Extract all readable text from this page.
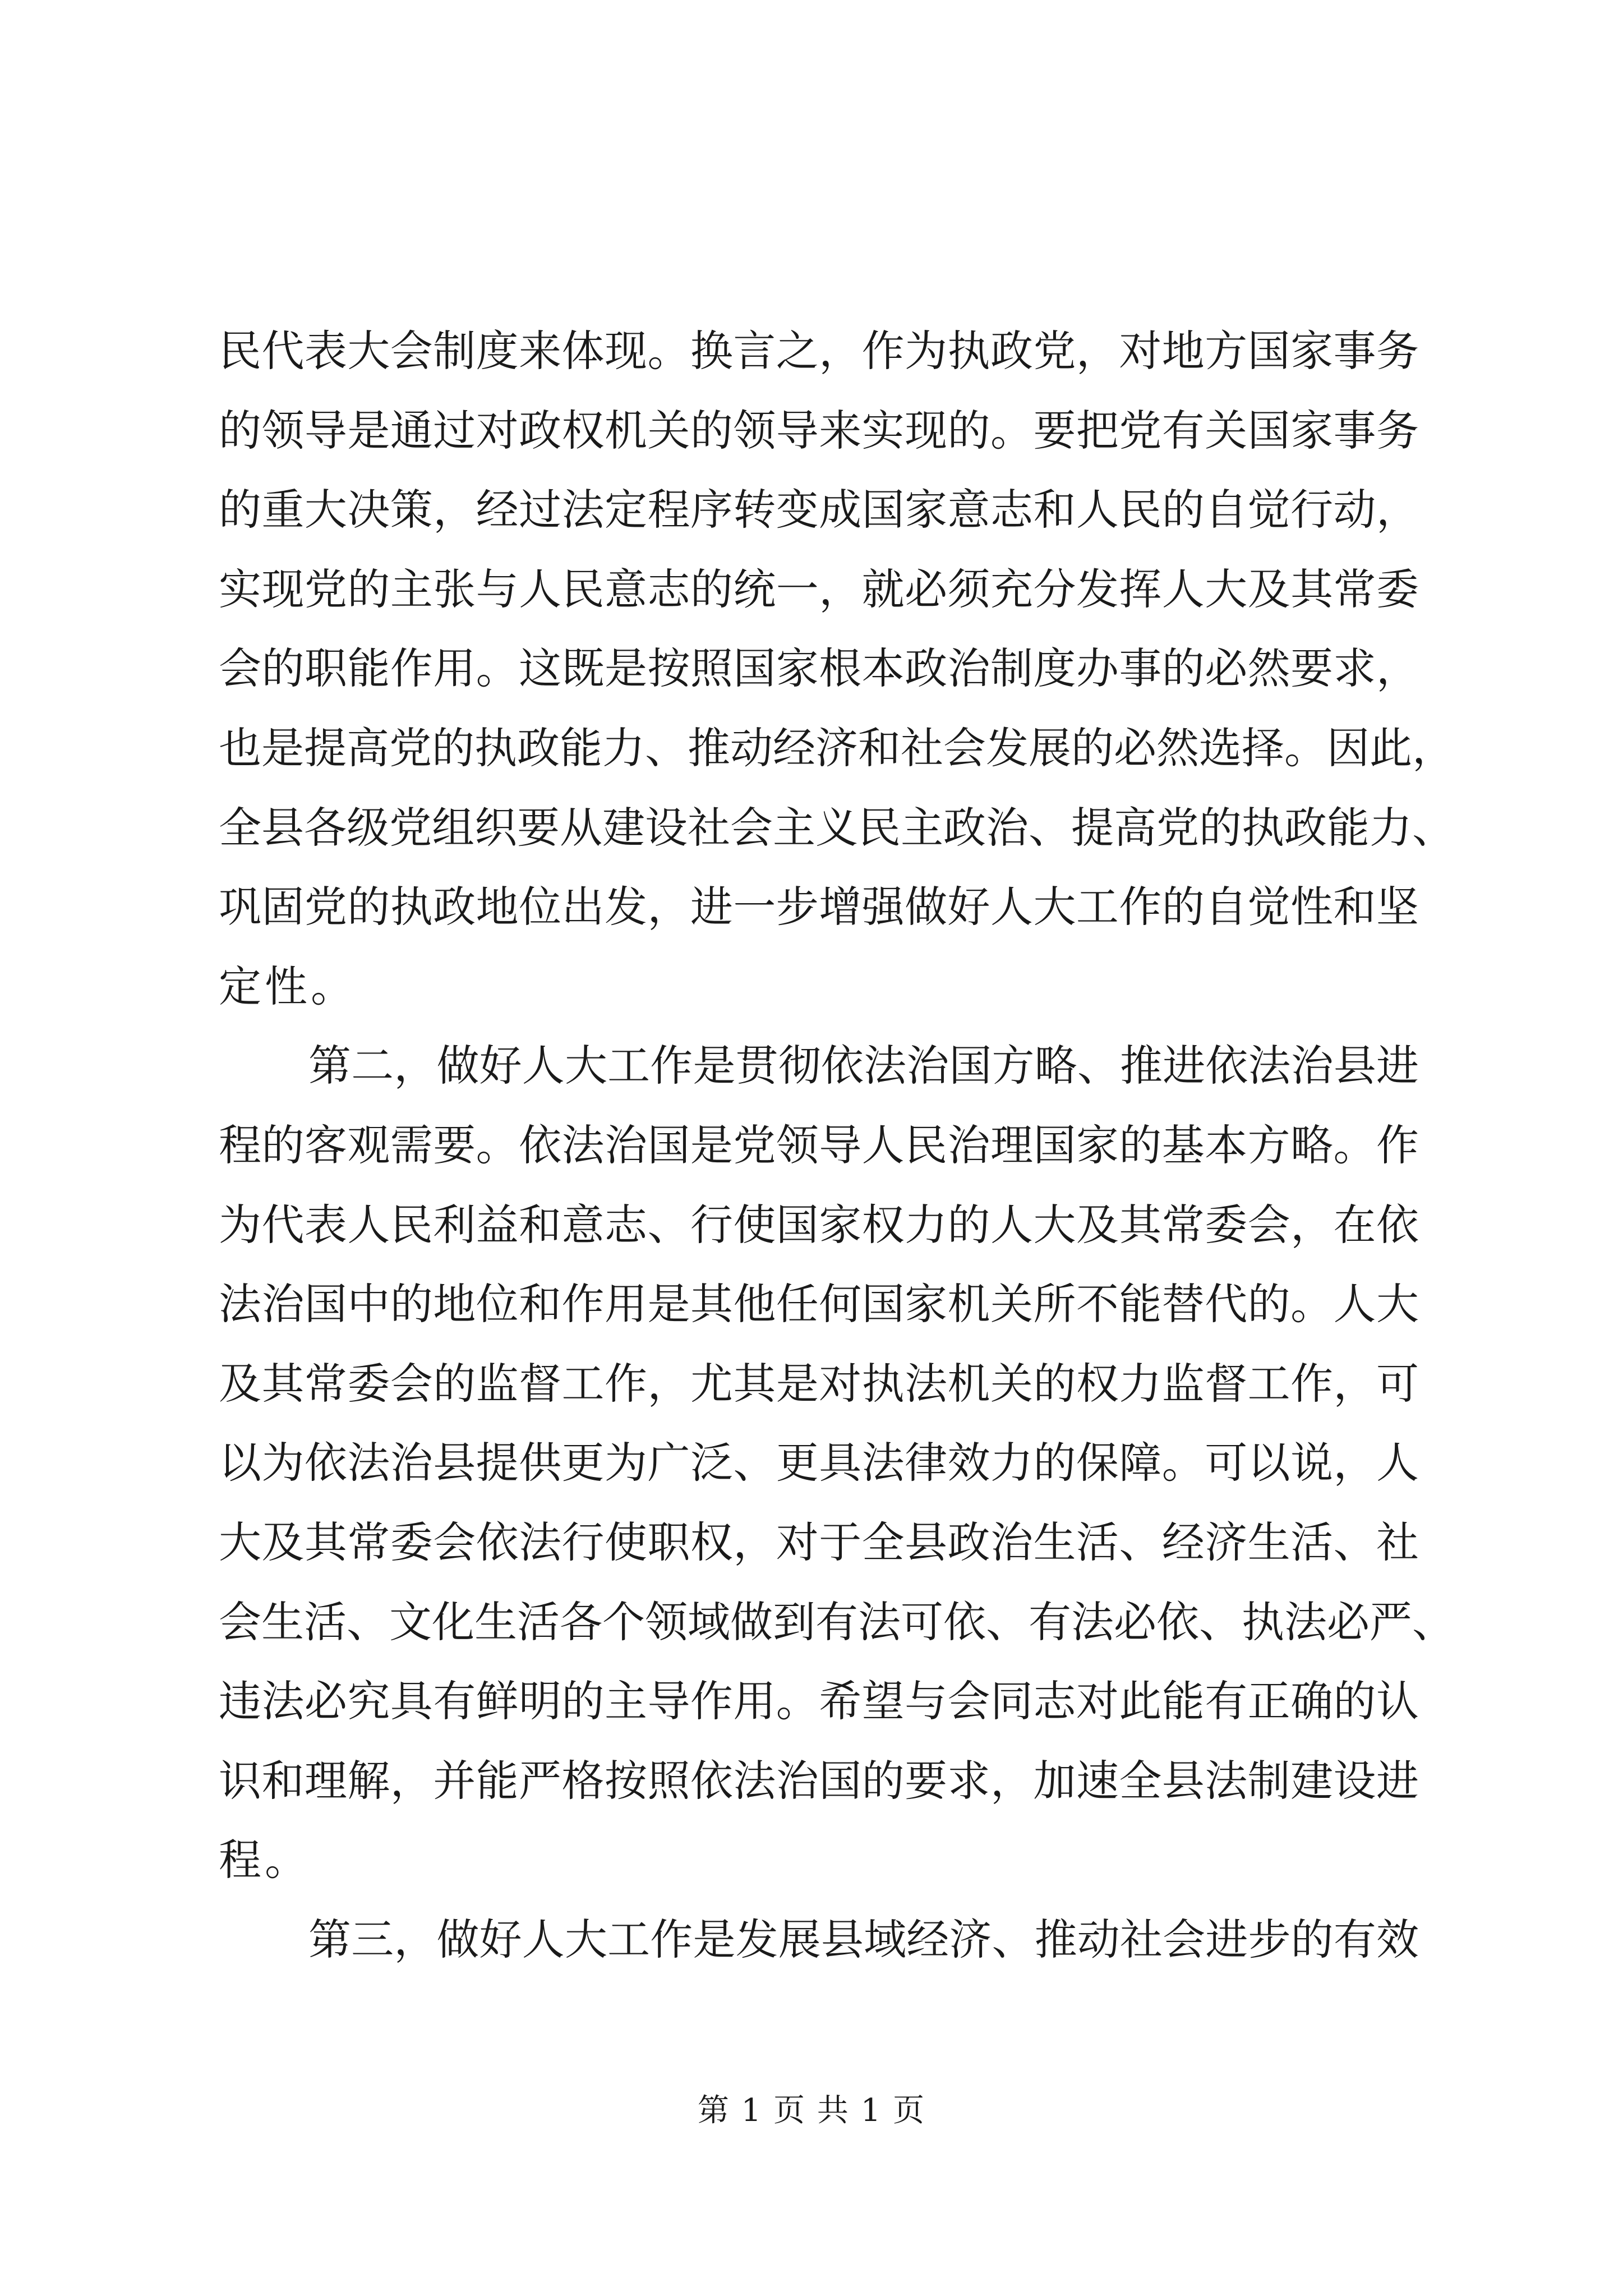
民代表大会制度来体现。换言之，作为执政党，对地方国家事务
的领导是通过对政权机关的领导来实现的。要把党有关国家事务
的重大决策，经过法定程序转变成国家意志和人民的自觉行动，
实现党的主张与人民意志的统一，就必须充分发挥人大及其常委
会的职能作用。这既是按照国家根本政治制度办事的必然要求，
也是提高党的执政能力、推动经济和社会发展的必然选择。因此，
全县各级党组织要从建设社会主义民主政治、提高党的执政能力、
巩固党的执政地位出发，进一步增强做好人大工作的自觉性和坚
定性。
第二，做好人大工作是贯彻依法治国方略、推进依法治县进
程的客观需要。依法治国是党领导人民治理国家的基本方略。作
为代表人民利益和意志、行使国家权力的人大及其常委会，在依
法治国中的地位和作用是其他任何国家机关所不能替代的。人大
及其常委会的监督工作，尤其是对执法机关的权力监督工作，可
以为依法治县提供更为广泛、更具法律效力的保障。可以说，人
大及其常委会依法行使职权，对于全县政治生活、经济生活、社
会生活、文化生活各个领域做到有法可依、有法必依、执法必严、
违法必究具有鲜明的主导作用。希望与会同志对此能有正确的认
识和理解，并能严格按照依法治国的要求，加速全县法制建设进
程。
第三，做好人大工作是发展县域经济、推动社会进步的有效
第 1 页 共 1 页
